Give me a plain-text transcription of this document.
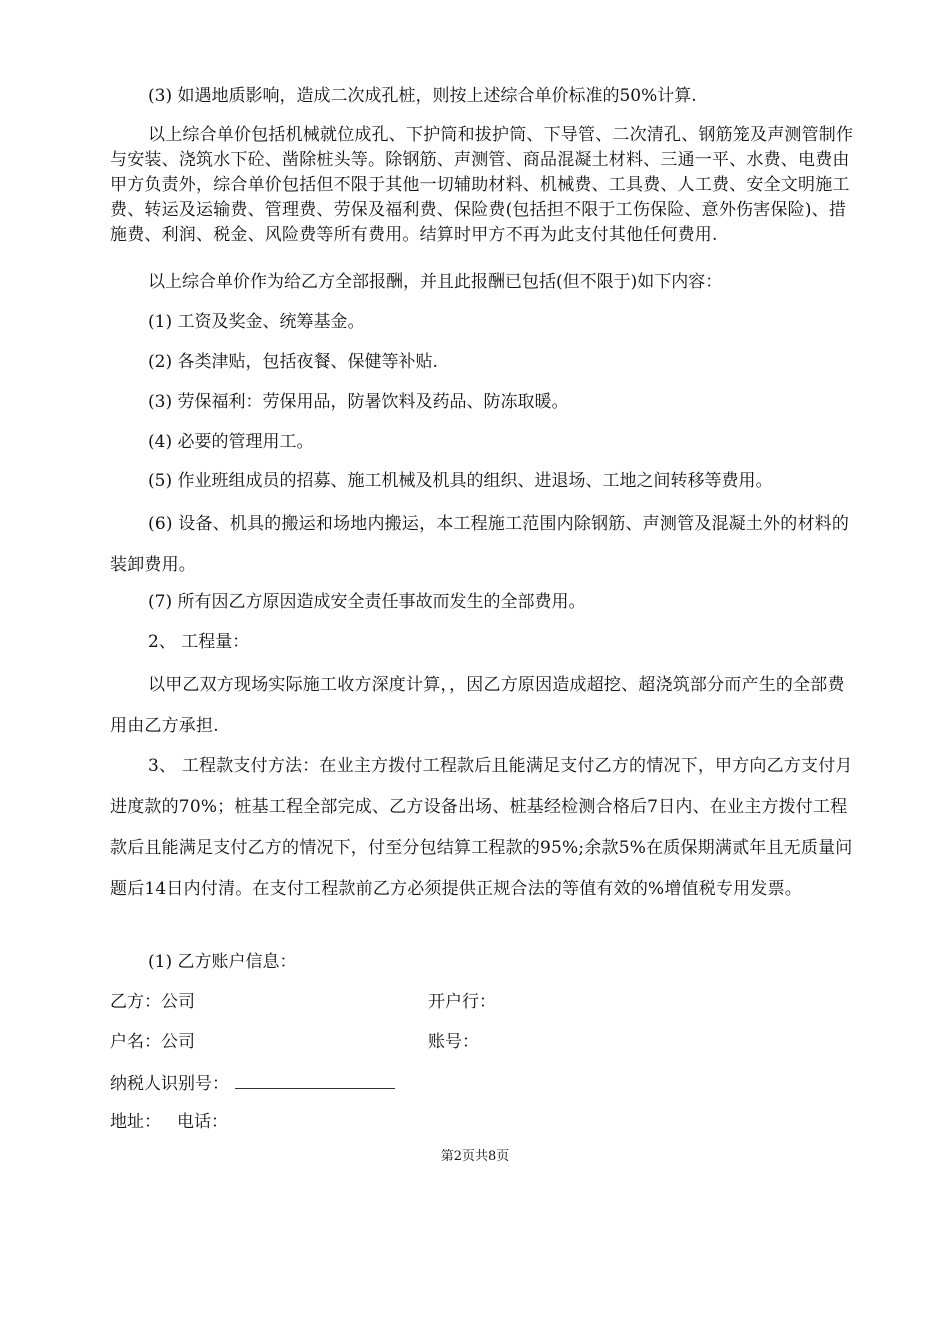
(3) 如遇地质影响，造成二次成孔桩，则按上述综合单价标准的50%计算.

以上综合单价包括机械就位成孔、下护筒和拔护筒、下导管、二次清孔、钢筋笼及声测管制作与安装、浇筑水下砼、凿除桩头等。除钢筋、声测管、商品混凝土材料、三通一平、水费、电费由甲方负责外，综合单价包括但不限于其他一切辅助材料、机械费、工具费、人工费、安全文明施工费、转运及运输费、管理费、劳保及福利费、保险费(包括担不限于工伤保险、意外伤害保险)、措施费、利润、税金、风险费等所有费用。结算时甲方不再为此支付其他任何费用.

以上综合单价作为给乙方全部报酬，并且此报酬已包括(但不限于)如下内容：

(1) 工资及奖金、统筹基金。

(2) 各类津贴，包括夜餐、保健等补贴.

(3) 劳保福利：劳保用品，防暑饮料及药品、防冻取暖。

(4) 必要的管理用工。

(5) 作业班组成员的招募、施工机械及机具的组织、进退场、工地之间转移等费用。

(6) 设备、机具的搬运和场地内搬运，本工程施工范围内除钢筋、声测管及混凝土外的材料的装卸费用。

(7) 所有因乙方原因造成安全责任事故而发生的全部费用。

2、 工程量：

以甲乙双方现场实际施工收方深度计算，，因乙方原因造成超挖、超浇筑部分而产生的全部费用由乙方承担.

3、 工程款支付方法：在业主方拨付工程款后且能满足支付乙方的情况下，甲方向乙方支付月进度款的70%；桩基工程全部完成、乙方设备出场、桩基经检测合格后7日内、在业主方拨付工程款后且能满足支付乙方的情况下，付至分包结算工程款的95%;余款5%在质保期满贰年且无质量问题后14日内付清。在支付工程款前乙方必须提供正规合法的等值有效的%增值税专用发票。

(1) 乙方账户信息：

乙方：公司	开户行：
户名：公司	账号：
纳税人识别号：
地址： 电话：
第2页共8页
